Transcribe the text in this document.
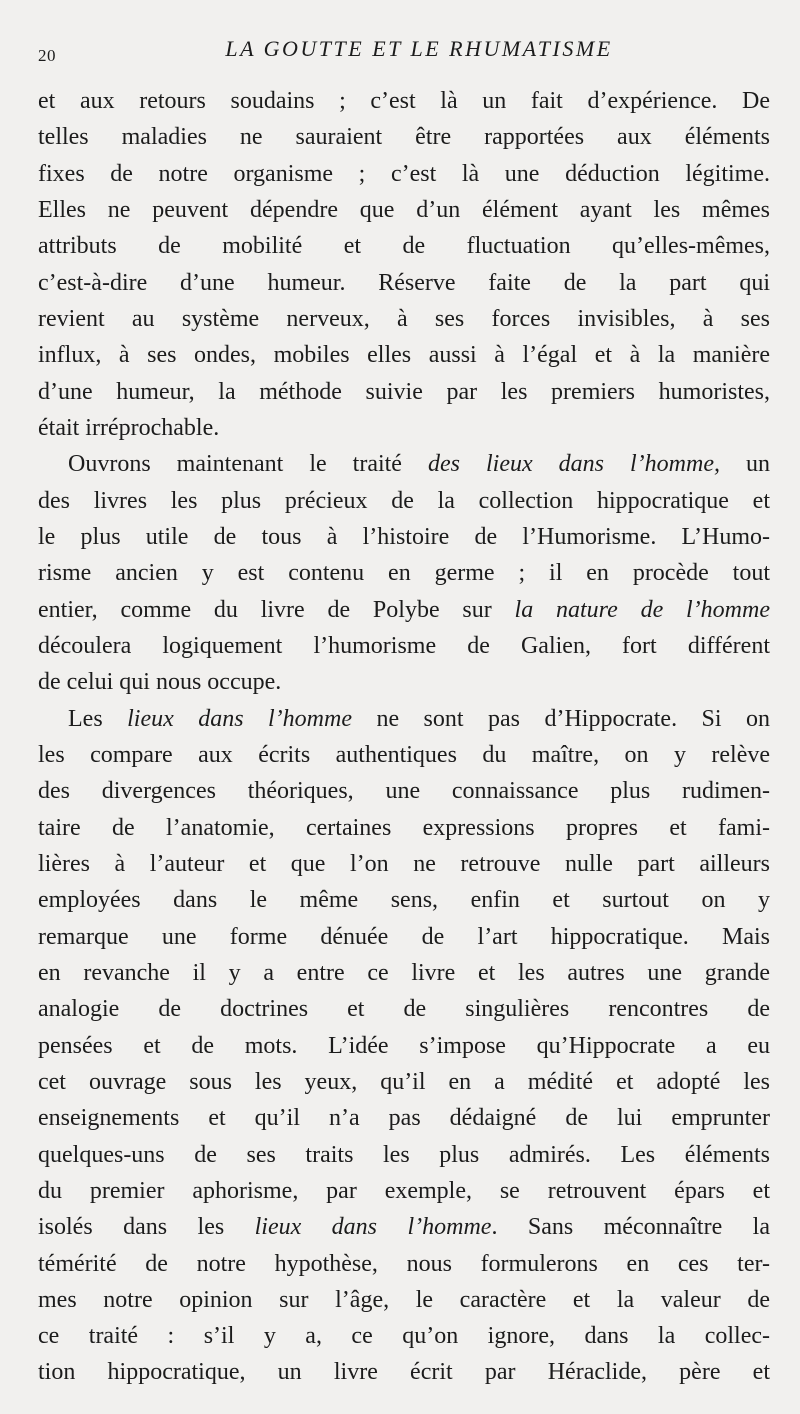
20	LA GOUTTE ET LE RHUMATISME
et aux retours soudains ; c’est là un fait d’expérience. De
telles maladies ne sauraient être rapportées aux éléments
fixes de notre organisme ; c’est là une déduction légitime.
Elles ne peuvent dépendre que d’un élément ayant les mêmes
attributs de mobilité et de fluctuation qu’elles-mêmes,
c’est-à-dire d’une humeur. Réserve faite de la part qui
revient au système nerveux, à ses forces invisibles, à ses
influx, à ses ondes, mobiles elles aussi à l’égal et à la manière
d’une humeur, la méthode suivie par les premiers humoristes,
était irréprochable.
Ouvrons maintenant le traité des lieux dans l’homme, un
des livres les plus précieux de la collection hippocratique et
le plus utile de tous à l’histoire de l’Humorisme. L’Humo-
risme ancien y est contenu en germe ; il en procède tout
entier, comme du livre de Polybe sur la nature de l’homme
découlera logiquement l’humorisme de Galien, fort différent
de celui qui nous occupe.
Les lieux dans l’homme ne sont pas d’Hippocrate. Si on
les compare aux écrits authentiques du maître, on y relève
des divergences théoriques, une connaissance plus rudimen-
taire de l’anatomie, certaines expressions propres et fami-
lières à l’auteur et que l’on ne retrouve nulle part ailleurs
employées dans le même sens, enfin et surtout on y
remarque une forme dénuée de l’art hippocratique. Mais
en revanche il y a entre ce livre et les autres une grande
analogie de doctrines et de singulières rencontres de
pensées et de mots. L’idée s’impose qu’Hippocrate a eu
cet ouvrage sous les yeux, qu’il en a médité et adopté les
enseignements et qu’il n’a pas dédaigné de lui emprunter
quelques-uns de ses traits les plus admirés. Les éléments
du premier aphorisme, par exemple, se retrouvent épars et
isolés dans les lieux dans l’homme. Sans méconnaître la
témérité de notre hypothèse, nous formulerons en ces ter-
mes notre opinion sur l’âge, le caractère et la valeur de
ce traité : s’il y a, ce qu’on ignore, dans la collec-
tion hippocratique, un livre écrit par Héraclide, père et
